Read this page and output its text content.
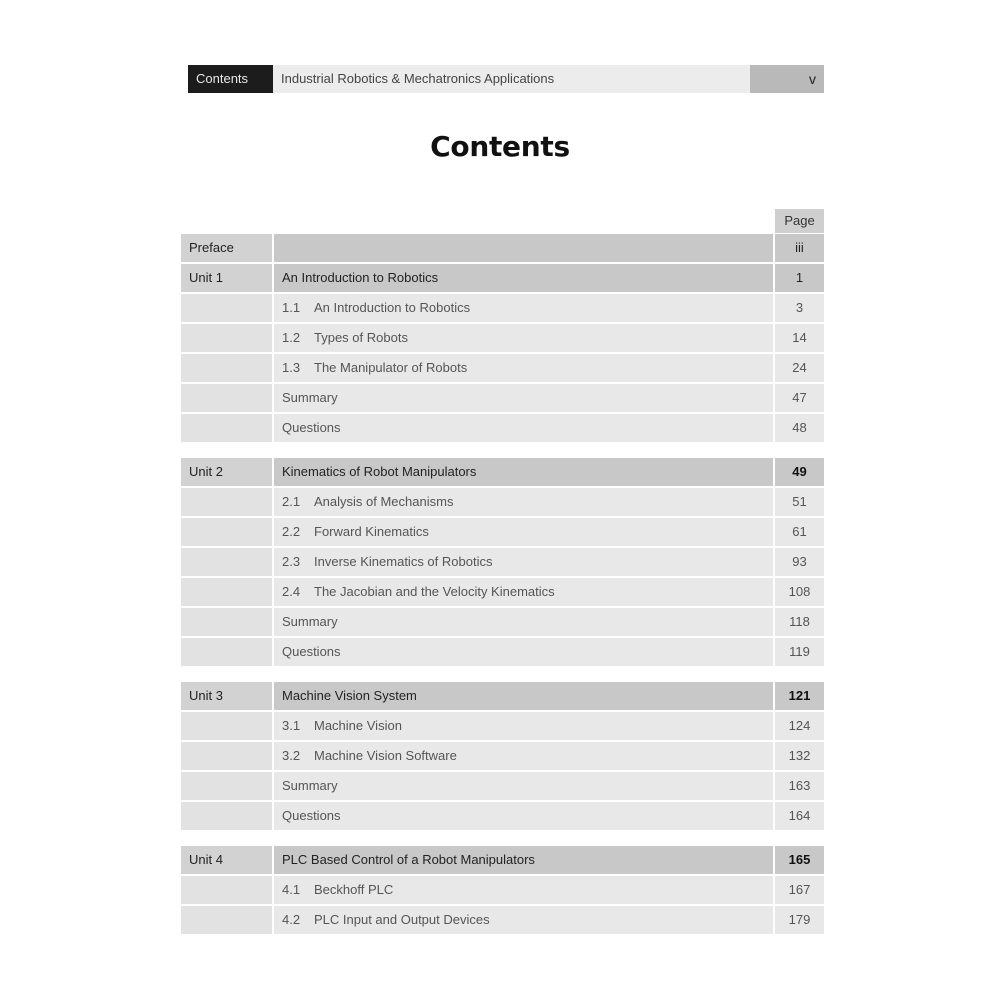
Contents	Industrial Robotics & Mechatronics Applications	v
Contents
Page
Preface	iii
Unit 1	An Introduction to Robotics	1
1.1 An Introduction to Robotics	3
1.2 Types of Robots	14
1.3 The Manipulator of Robots	24
Summary	47
Questions	48
Unit 2	Kinematics of Robot Manipulators	49
2.1 Analysis of Mechanisms	51
2.2 Forward Kinematics	61
2.3 Inverse Kinematics of Robotics	93
2.4 The Jacobian and the Velocity Kinematics	108
Summary	118
Questions	119
Unit 3	Machine Vision System	121
3.1 Machine Vision	124
3.2 Machine Vision Software	132
Summary	163
Questions	164
Unit 4	PLC Based Control of a Robot Manipulators	165
4.1 Beckhoff PLC	167
4.2 PLC Input and Output Devices	179
